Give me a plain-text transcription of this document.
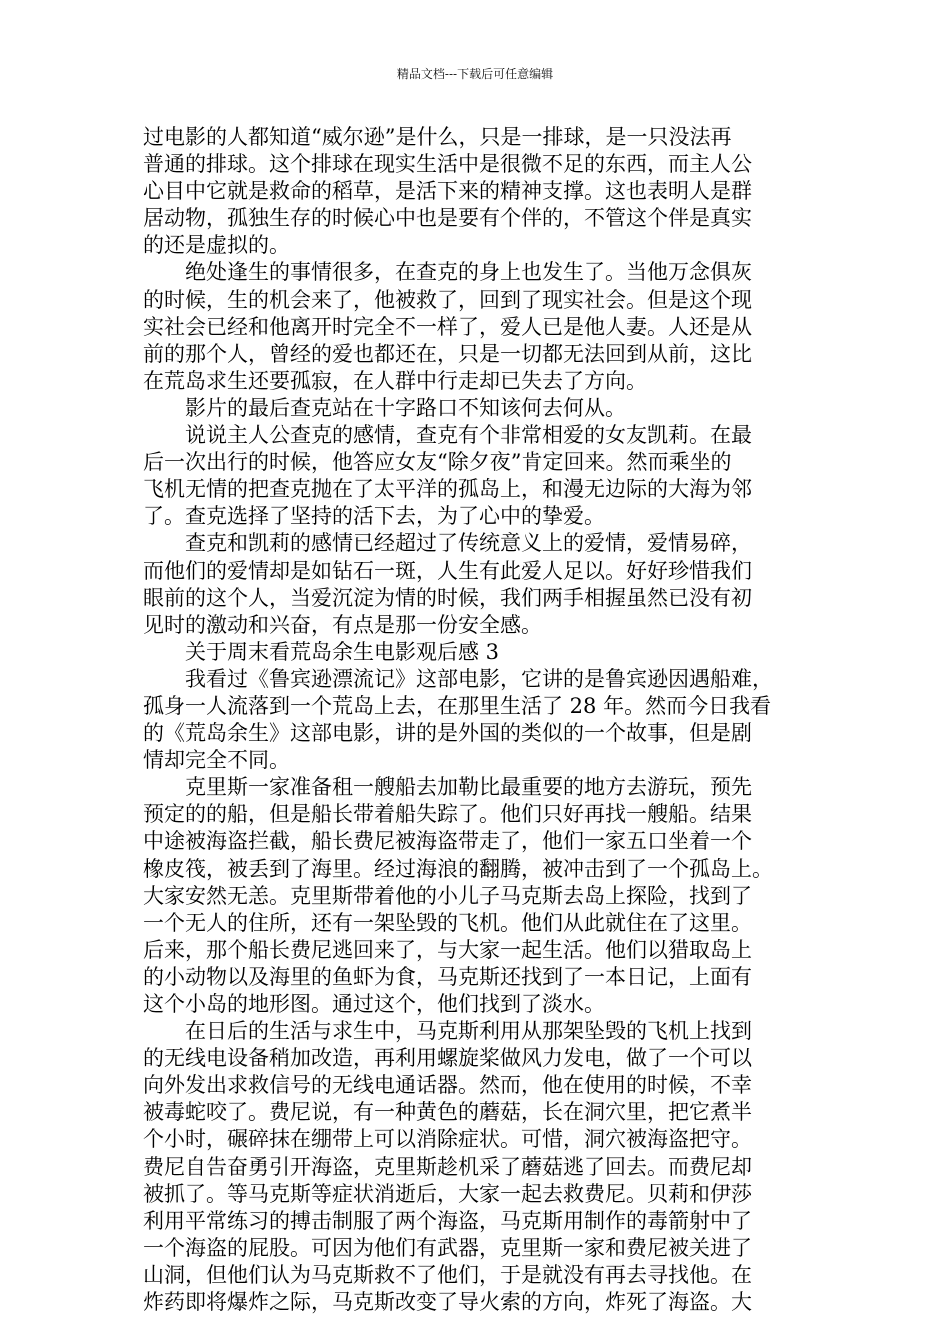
精品文档---下载后可任意编辑
过电影的人都知道“威尔逊”是什么，只是一排球，是一只没法再
普通的排球。这个排球在现实生活中是很微不足的东西，而主人公
心目中它就是救命的稻草，是活下来的精神支撑。这也表明人是群
居动物，孤独生存的时候心中也是要有个伴的，不管这个伴是真实
的还是虚拟的。
　　绝处逢生的事情很多，在查克的身上也发生了。当他万念俱灰
的时候，生的机会来了，他被救了，回到了现实社会。但是这个现
实社会已经和他离开时完全不一样了，爱人已是他人妻。人还是从
前的那个人，曾经的爱也都还在，只是一切都无法回到从前，这比
在荒岛求生还要孤寂，在人群中行走却已失去了方向。
　　影片的最后查克站在十字路口不知该何去何从。
　　说说主人公查克的感情，查克有个非常相爱的女友凯莉。在最
后一次出行的时候，他答应女友“除夕夜”肯定回来。然而乘坐的
飞机无情的把查克抛在了太平洋的孤岛上，和漫无边际的大海为邻
了。查克选择了坚持的活下去，为了心中的挚爱。
　　查克和凯莉的感情已经超过了传统意义上的爱情，爱情易碎，
而他们的爱情却是如钻石一斑，人生有此爱人足以。好好珍惜我们
眼前的这个人，当爱沉淀为情的时候，我们两手相握虽然已没有初
见时的激动和兴奋，有点是那一份安全感。
　　关于周末看荒岛余生电影观后感 3
　　我看过《鲁宾逊漂流记》这部电影，它讲的是鲁宾逊因遇船难，
孤身一人流落到一个荒岛上去，在那里生活了 28 年。然而今日我看
的《荒岛余生》这部电影，讲的是外国的类似的一个故事，但是剧
情却完全不同。
　　克里斯一家准备租一艘船去加勒比最重要的地方去游玩，预先
预定的的船，但是船长带着船失踪了。他们只好再找一艘船。结果
中途被海盗拦截，船长费尼被海盗带走了，他们一家五口坐着一个
橡皮筏，被丢到了海里。经过海浪的翻腾，被冲击到了一个孤岛上。
大家安然无恙。克里斯带着他的小儿子马克斯去岛上探险，找到了
一个无人的住所，还有一架坠毁的飞机。他们从此就住在了这里。
后来，那个船长费尼逃回来了，与大家一起生活。他们以猎取岛上
的小动物以及海里的鱼虾为食，马克斯还找到了一本日记，上面有
这个小岛的地形图。通过这个，他们找到了淡水。
　　在日后的生活与求生中，马克斯利用从那架坠毁的飞机上找到
的无线电设备稍加改造，再利用螺旋桨做风力发电，做了一个可以
向外发出求救信号的无线电通话器。然而，他在使用的时候，不幸
被毒蛇咬了。费尼说，有一种黄色的蘑菇，长在洞穴里，把它煮半
个小时，碾碎抹在绷带上可以消除症状。可惜，洞穴被海盗把守。
费尼自告奋勇引开海盗，克里斯趁机采了蘑菇逃了回去。而费尼却
被抓了。等马克斯等症状消逝后，大家一起去救费尼。贝莉和伊莎
利用平常练习的搏击制服了两个海盗，马克斯用制作的毒箭射中了
一个海盗的屁股。可因为他们有武器，克里斯一家和费尼被关进了
山洞，但他们认为马克斯救不了他们，于是就没有再去寻找他。在
炸药即将爆炸之际，马克斯改变了导火索的方向，炸死了海盗。大
